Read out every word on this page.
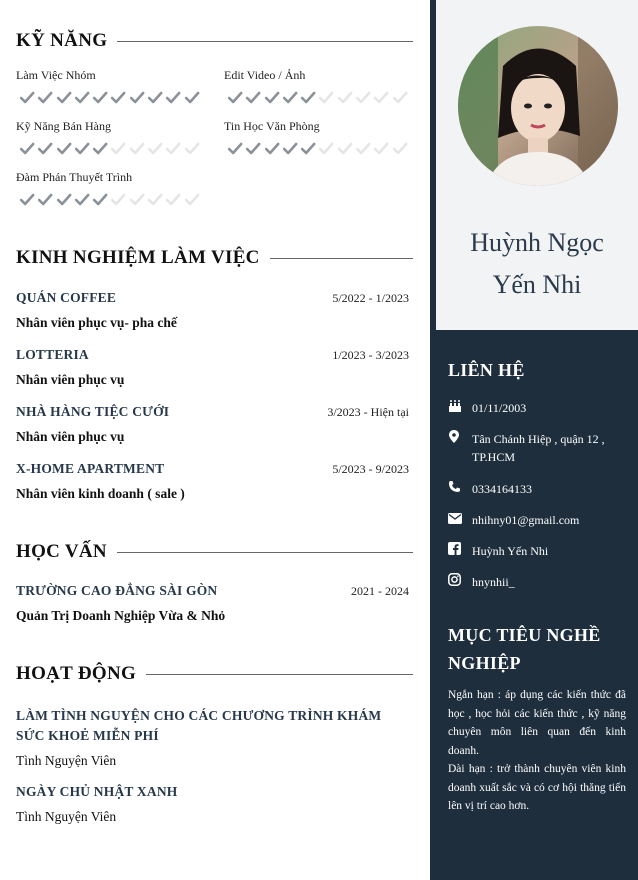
KỸ NĂNG
Làm Việc Nhóm	Edit Video / Ảnh
Kỹ Năng Bán Hàng	Tin Học Văn Phòng
Đàm Phán Thuyết Trình
KINH NGHIỆM LÀM VIỆC
QUÁN COFFEE	5/2022 - 1/2023
Nhân viên phục vụ- pha chế
LOTTERIA	1/2023 - 3/2023
Nhân viên phục vụ
NHÀ HÀNG TIỆC CƯỚI	3/2023 - Hiện tại
Nhân viên phục vụ
X-HOME APARTMENT	5/2023 - 9/2023
Nhân viên kinh doanh ( sale )
HỌC VẤN
TRƯỜNG CAO ĐẲNG SÀI GÒN	2021 - 2024
Quản Trị Doanh Nghiệp Vừa & Nhỏ
HOẠT ĐỘNG
LÀM TÌNH NGUYỆN CHO CÁC CHƯƠNG TRÌNH KHÁM SỨC KHOẺ MIỄN PHÍ
Tình Nguyện Viên
NGÀY CHỦ NHẬT XANH
Tình Nguyện Viên
Huỳnh Ngọc
Yến Nhi
LIÊN HỆ
01/11/2003
Tân Chánh Hiệp , quận 12 , TP.HCM
0334164133
nhihny01@gmail.com
Huỳnh Yến Nhi
hnynhii_
MỤC TIÊU NGHỀ NGHIỆP
Ngắn hạn : áp dụng các kiến thức đã học , học hỏi các kiến thức , kỹ năng chuyên môn liên quan đến kinh doanh.
Dài hạn : trở thành chuyên viên kinh doanh xuất sắc và có cơ hội thăng tiến lên vị trí cao hơn.
